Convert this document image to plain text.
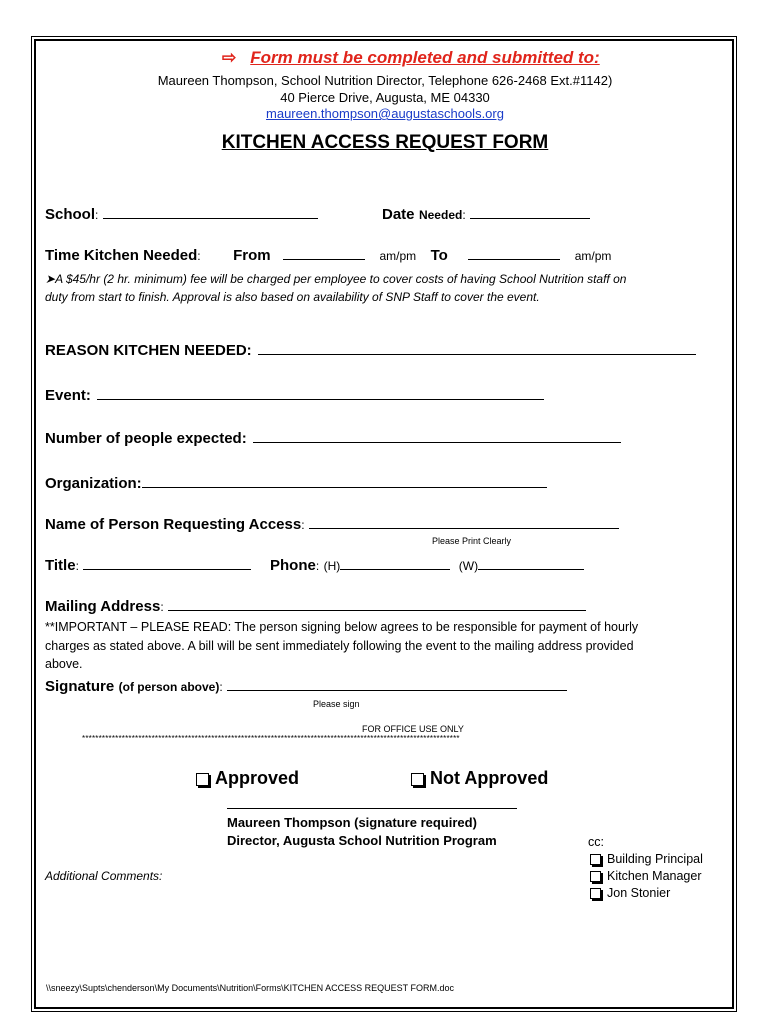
⇨ Form must be completed and submitted to:
Maureen Thompson, School Nutrition Director, Telephone 626-2468 Ext.#1142)
40 Pierce Drive, Augusta, ME 04330
maureen.thompson@augustaschools.org
KITCHEN ACCESS REQUEST FORM
School:	Date Needed:
Time Kitchen Needed: From	am/pm To	am/pm
➤A $45/hr (2 hr. minimum) fee will be charged per employee to cover costs of having School Nutrition staff on
duty from start to finish. Approval is also based on availability of SNP Staff to cover the event.
REASON KITCHEN NEEDED:
Event:
Number of people expected:
Organization:
Name of Person Requesting Access:
Please Print Clearly
Title:	Phone: (H)	(W)
Mailing Address:
**IMPORTANT – PLEASE READ: The person signing below agrees to be responsible for payment of hourly
charges as stated above. A bill will be sent immediately following the event to the mailing address provided
above.
Signature (of person above):
Please sign
FOR OFFICE USE ONLY
******************************************************************************************************************
Approved	Not Approved
Maureen Thompson (signature required)
Director, Augusta School Nutrition Program	cc:
Building Principal
Kitchen Manager
Jon Stonier
Additional Comments:
\\sneezy\Supts\chenderson\My Documents\Nutrition\Forms\KITCHEN ACCESS REQUEST FORM.doc
